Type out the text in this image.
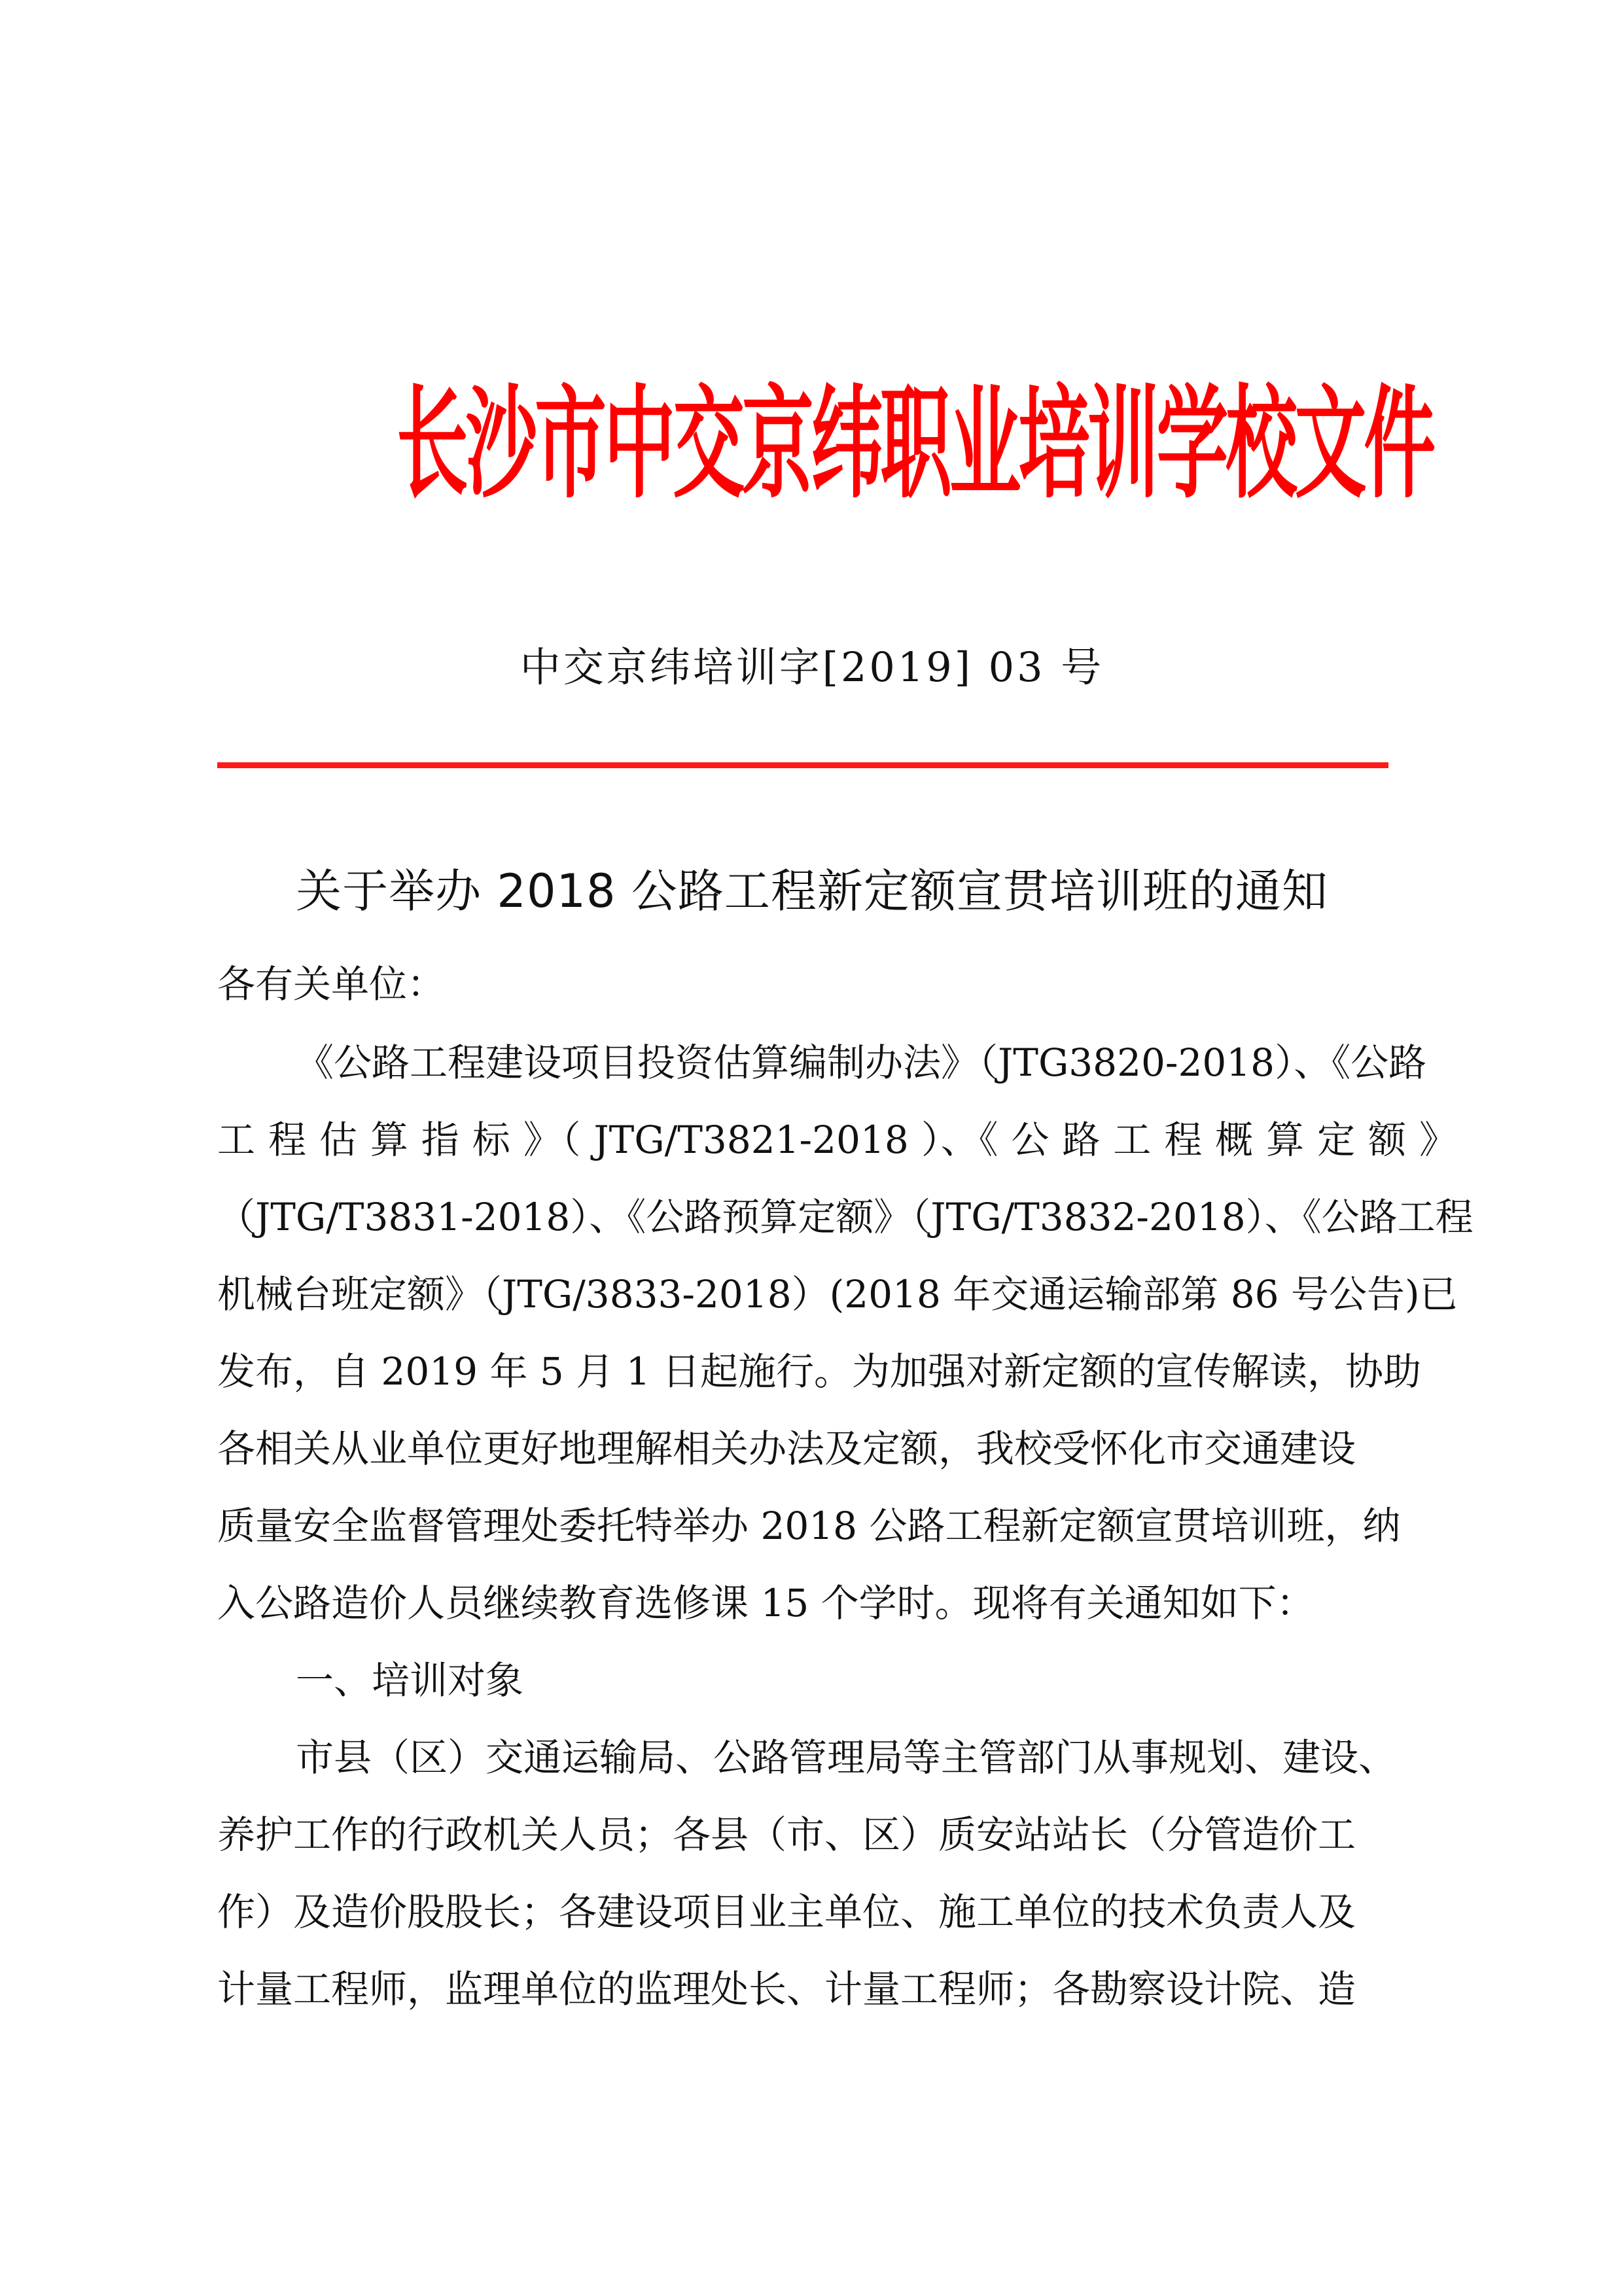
长沙市中交京纬职业培训学校文件
中交京纬培训字[2019] 03 号
关于举办 2018 公路工程新定额宣贯培训班的通知
各有关单位：
《公路工程建设项目投资估算编制办法》（JTG3820-2018）、《公路
工 程 估 算 指 标 》（ JTG/T3821-2018 ）、《 公 路 工 程 概 算 定 额 》
（JTG/T3831-2018）、《公路预算定额》（JTG/T3832-2018）、《公路工程
机械台班定额》（JTG/3833-2018）(2018 年交通运输部第 86 号公告)已
发布，自 2019 年 5 月 1 日起施行。为加强对新定额的宣传解读，协助
各相关从业单位更好地理解相关办法及定额，我校受怀化市交通建设
质量安全监督管理处委托特举办 2018 公路工程新定额宣贯培训班，纳
入公路造价人员继续教育选修课 15 个学时。现将有关通知如下：
一、培训对象
市县（区）交通运输局、公路管理局等主管部门从事规划、建设、
养护工作的行政机关人员；各县（市、区）质安站站长（分管造价工
作）及造价股股长；各建设项目业主单位、施工单位的技术负责人及
计量工程师，监理单位的监理处长、计量工程师；各勘察设计院、造
